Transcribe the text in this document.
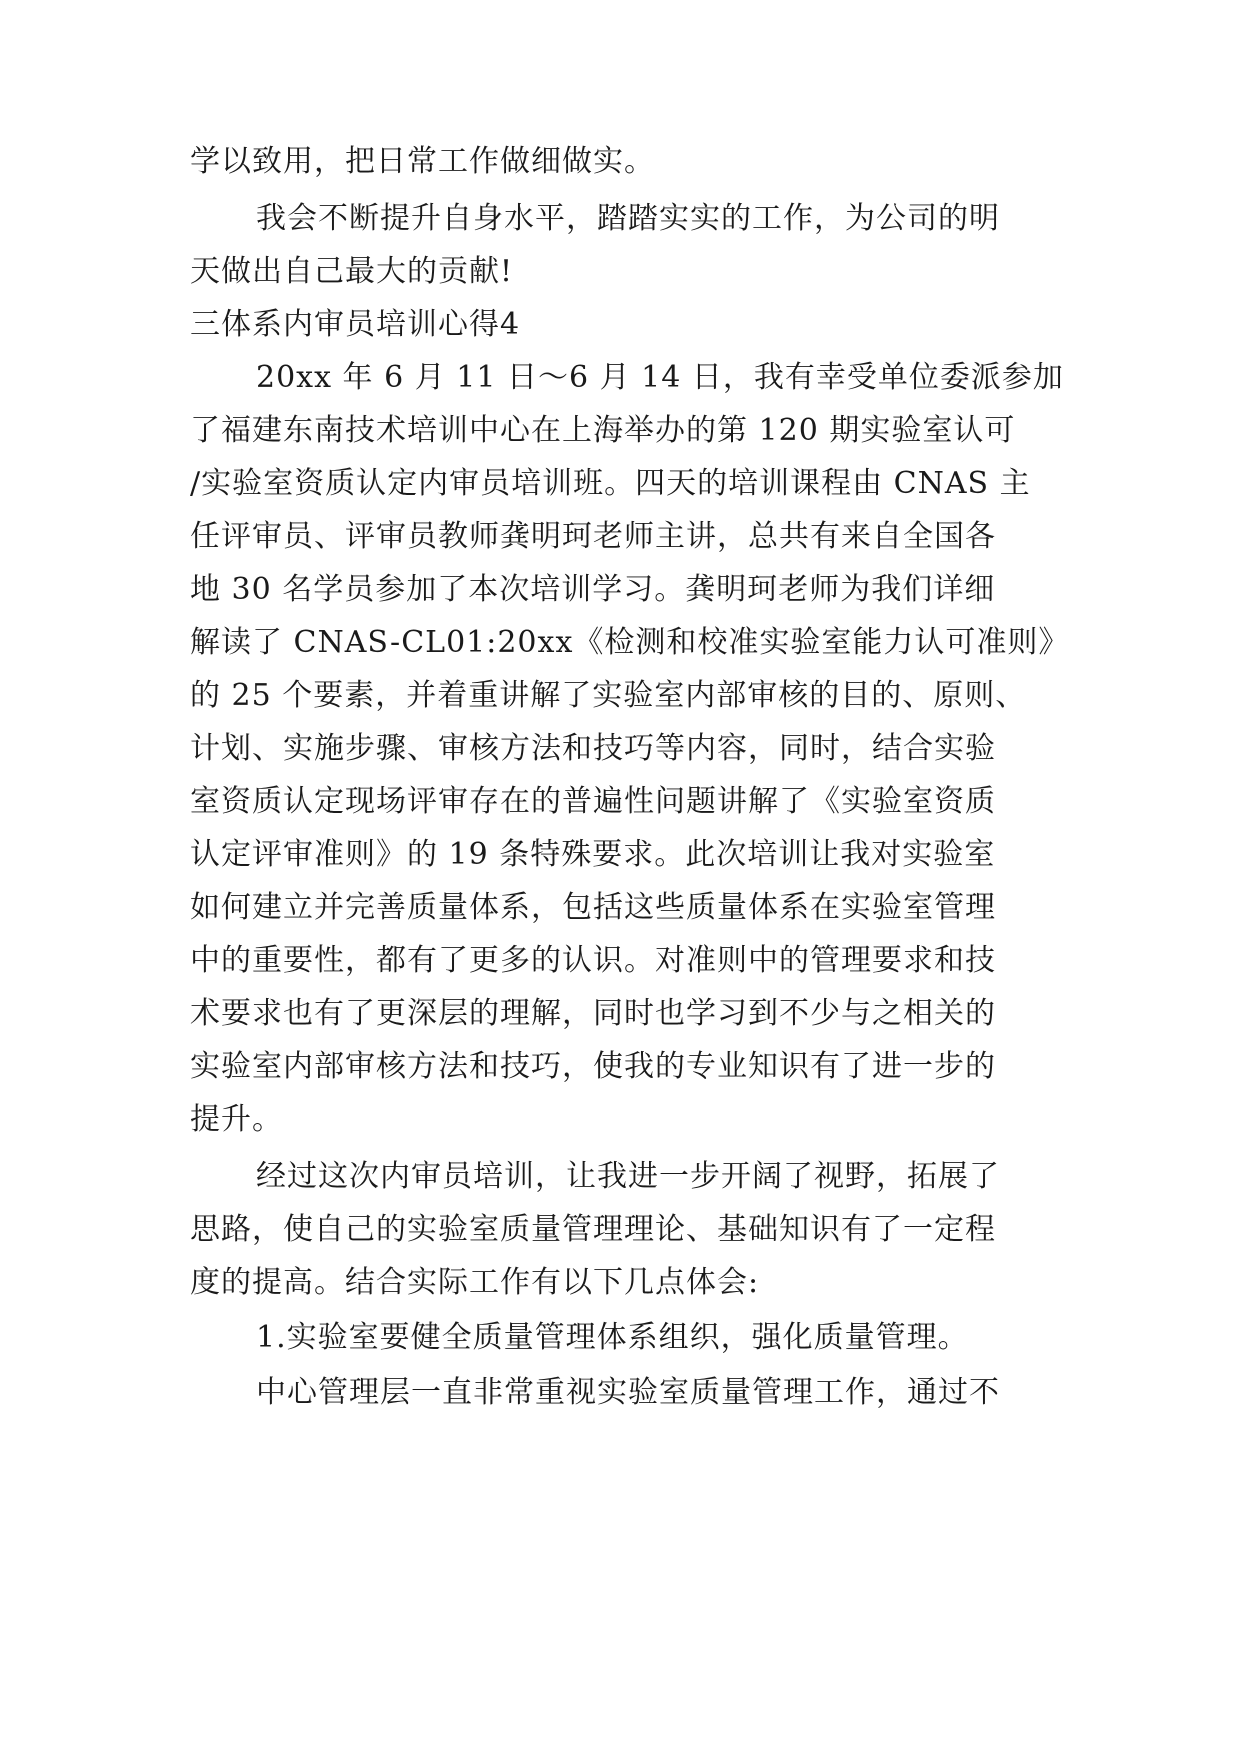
学以致用，把日常工作做细做实。
我会不断提升自身水平，踏踏实实的工作，为公司的明
天做出自己最大的贡献!
三体系内审员培训心得4
20xx 年 6 月 11 日～6 月 14 日，我有幸受单位委派参加
了福建东南技术培训中心在上海举办的第 120 期实验室认可
/实验室资质认定内审员培训班。四天的培训课程由 CNAS 主
任评审员、评审员教师龚明珂老师主讲，总共有来自全国各
地 30 名学员参加了本次培训学习。龚明珂老师为我们详细
解读了 CNAS-CL01:20xx《检测和校准实验室能力认可准则》
的 25 个要素，并着重讲解了实验室内部审核的目的、原则、
计划、实施步骤、审核方法和技巧等内容，同时，结合实验
室资质认定现场评审存在的普遍性问题讲解了《实验室资质
认定评审准则》的 19 条特殊要求。此次培训让我对实验室
如何建立并完善质量体系，包括这些质量体系在实验室管理
中的重要性，都有了更多的认识。对准则中的管理要求和技
术要求也有了更深层的理解，同时也学习到不少与之相关的
实验室内部审核方法和技巧，使我的专业知识有了进一步的
提升。
经过这次内审员培训，让我进一步开阔了视野，拓展了
思路，使自己的实验室质量管理理论、基础知识有了一定程
度的提高。结合实际工作有以下几点体会:
1.实验室要健全质量管理体系组织，强化质量管理。
中心管理层一直非常重视实验室质量管理工作，通过不
